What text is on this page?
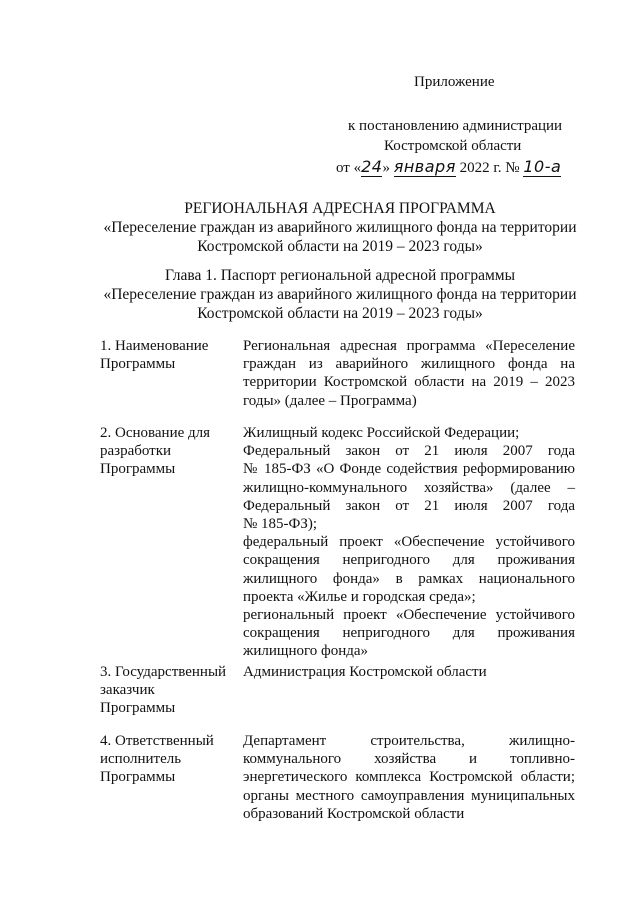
Приложение
к постановлению администрации
Костромской области
от «24» января 2022 г. № 10-а
РЕГИОНАЛЬНАЯ АДРЕСНАЯ ПРОГРАММА
«Переселение граждан из аварийного жилищного фонда на территории
Костромской области на 2019 – 2023 годы»
Глава 1. Паспорт региональной адресной программы
«Переселение граждан из аварийного жилищного фонда на территории
Костромской области на 2019 – 2023 годы»
1. Наименование
Программы
Региональная адресная программа «Переселение
граждан из аварийного жилищного фонда на
территории Костромской области на 2019 – 2023
годы» (далее – Программа)
2. Основание для
разработки
Программы
Жилищный кодекс Российской Федерации;
Федеральный закон от 21 июля 2007 года
№ 185-ФЗ «О Фонде содействия реформированию
жилищно-коммунального хозяйства» (далее –
Федеральный закон от 21 июля 2007 года
№ 185-ФЗ);
федеральный проект «Обеспечение устойчивого
сокращения непригодного для проживания
жилищного фонда» в рамках национального
проекта «Жилье и городская среда»;
региональный проект «Обеспечение устойчивого
сокращения непригодного для проживания
жилищного фонда»
3. Государственный
заказчик
Программы
Администрация Костромской области
4. Ответственный
исполнитель
Программы
Департамент строительства, жилищно-
коммунального хозяйства и топливно-
энергетического комплекса Костромской области;
органы местного самоуправления муниципальных
образований Костромской области
